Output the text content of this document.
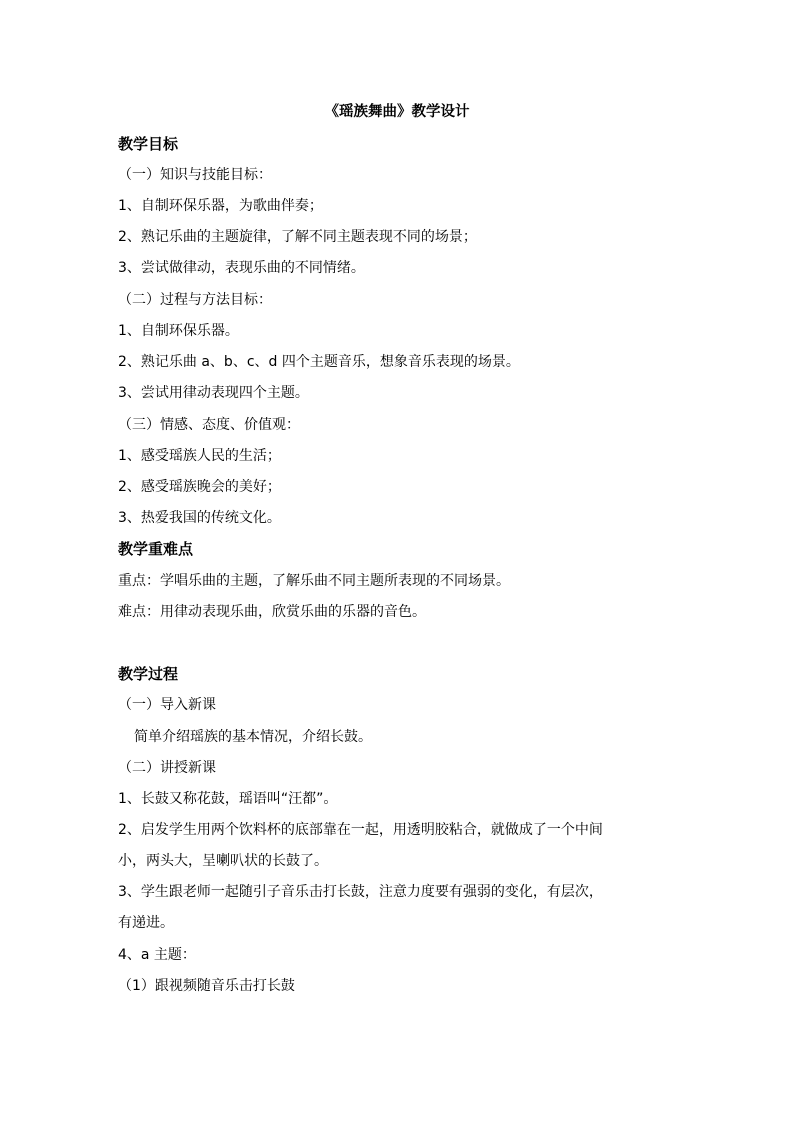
《瑶族舞曲》教学设计
教学目标
（一）知识与技能目标：
1、自制环保乐器，为歌曲伴奏；
2、熟记乐曲的主题旋律，了解不同主题表现不同的场景；
3、尝试做律动，表现乐曲的不同情绪。
（二）过程与方法目标：
1、自制环保乐器。
2、熟记乐曲 a、b、c、d 四个主题音乐，想象音乐表现的场景。
3、尝试用律动表现四个主题。
（三）情感、态度、价值观：
1、感受瑶族人民的生活；
2、感受瑶族晚会的美好；
3、热爱我国的传统文化。
教学重难点
重点：学唱乐曲的主题，了解乐曲不同主题所表现的不同场景。
难点：用律动表现乐曲，欣赏乐曲的乐器的音色。
教学过程
（一）导入新课
简单介绍瑶族的基本情况，介绍长鼓。
（二）讲授新课
1、长鼓又称花鼓，瑶语叫“汪都”。
2、启发学生用两个饮料杯的底部靠在一起，用透明胶粘合，就做成了一个中间
小，两头大，呈喇叭状的长鼓了。
3、学生跟老师一起随引子音乐击打长鼓，注意力度要有强弱的变化，有层次，
有递进。
4、a 主题：
（1）跟视频随音乐击打长鼓
